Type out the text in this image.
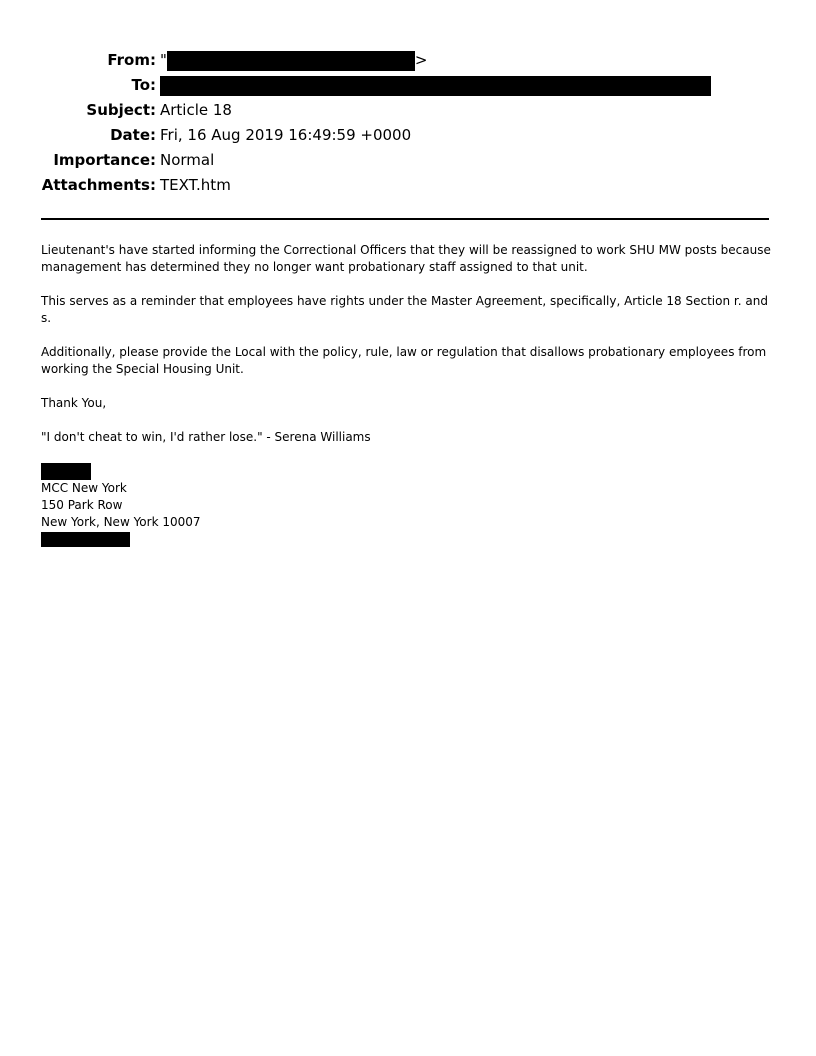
From: "	>
To:
Subject: Article 18
Date: Fri, 16 Aug 2019 16:49:59 +0000
Importance: Normal
Attachments: TEXT.htm

Lieutenant's have started informing the Correctional Officers that they will be reassigned to work SHU MW posts because management has determined they no longer want probationary staff assigned to that unit.

This serves as a reminder that employees have rights under the Master Agreement, specifically, Article 18 Section r. and s.

Additionally, please provide the Local with the policy, rule, law or regulation that disallows probationary employees from working the Special Housing Unit.

Thank You,

"I don't cheat to win, I'd rather lose." - Serena Williams

MCC New York
150 Park Row
New York, New York 10007
